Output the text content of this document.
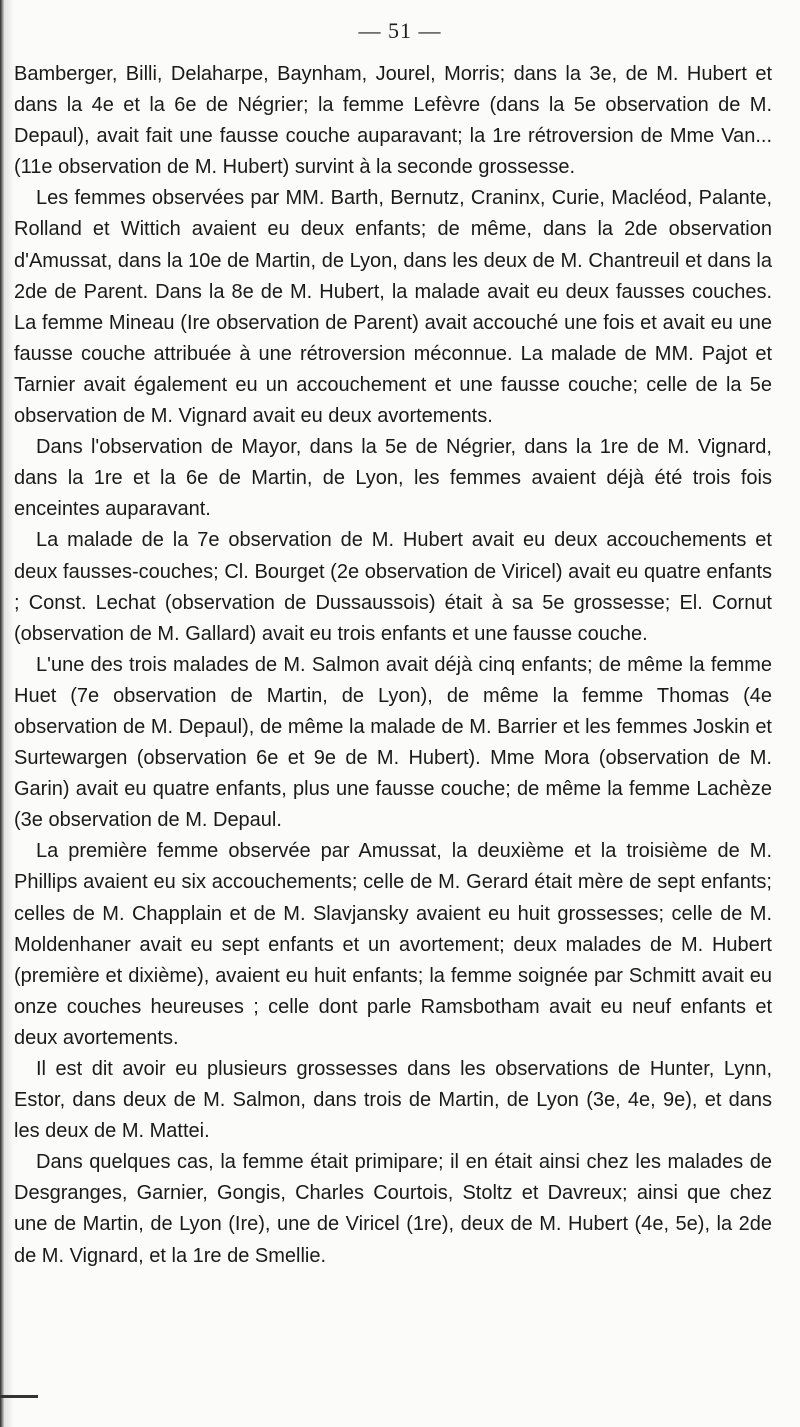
— 51 —

Bamberger, Billi, Delaharpe, Baynham, Jourel, Morris; dans la 3e, de M. Hubert et dans la 4e et la 6e de Négrier; la femme Lefèvre (dans la 5e observation de M. Depaul), avait fait une fausse couche auparavant; la 1re rétroversion de Mme Van... (11e observation de M. Hubert) survint à la seconde grossesse.

Les femmes observées par MM. Barth, Bernutz, Craninx, Curie, Macléod, Palante, Rolland et Wittich avaient eu deux enfants; de même, dans la 2de observation d'Amussat, dans la 10e de Martin, de Lyon, dans les deux de M. Chantreuil et dans la 2de de Parent. Dans la 8e de M. Hubert, la malade avait eu deux fausses couches. La femme Mineau (Ire observation de Parent) avait accouché une fois et avait eu une fausse couche attribuée à une rétroversion méconnue. La malade de MM. Pajot et Tarnier avait également eu un accouchement et une fausse couche; celle de la 5e observation de M. Vignard avait eu deux avortements.

Dans l'observation de Mayor, dans la 5e de Négrier, dans la 1re de M. Vignard, dans la 1re et la 6e de Martin, de Lyon, les femmes avaient déjà été trois fois enceintes auparavant.

La malade de la 7e observation de M. Hubert avait eu deux accouchements et deux fausses-couches; Cl. Bourget (2e observation de Viricel) avait eu quatre enfants ; Const. Lechat (observation de Dussaussois) était à sa 5e grossesse; El. Cornut (observation de M. Gallard) avait eu trois enfants et une fausse couche.

L'une des trois malades de M. Salmon avait déjà cinq enfants; de même la femme Huet (7e observation de Martin, de Lyon), de même la femme Thomas (4e observation de M. Depaul), de même la malade de M. Barrier et les femmes Joskin et Surtewargen (observation 6e et 9e de M. Hubert). Mme Mora (observation de M. Garin) avait eu quatre enfants, plus une fausse couche; de même la femme Lachèze (3e observation de M. Depaul.

La première femme observée par Amussat, la deuxième et la troisième de M. Phillips avaient eu six accouchements; celle de M. Gerard était mère de sept enfants; celles de M. Chapplain et de M. Slavjansky avaient eu huit grossesses; celle de M. Moldenhaner avait eu sept enfants et un avortement; deux malades de M. Hubert (première et dixième), avaient eu huit enfants; la femme soignée par Schmitt avait eu onze couches heureuses ; celle dont parle Ramsbotham avait eu neuf enfants et deux avortements.

Il est dit avoir eu plusieurs grossesses dans les observations de Hunter, Lynn, Estor, dans deux de M. Salmon, dans trois de Martin, de Lyon (3e, 4e, 9e), et dans les deux de M. Mattei.

Dans quelques cas, la femme était primipare; il en était ainsi chez les malades de Desgranges, Garnier, Gongis, Charles Courtois, Stoltz et Davreux; ainsi que chez une de Martin, de Lyon (Ire), une de Viricel (1re), deux de M. Hubert (4e, 5e), la 2de de M. Vignard, et la 1re de Smellie.
